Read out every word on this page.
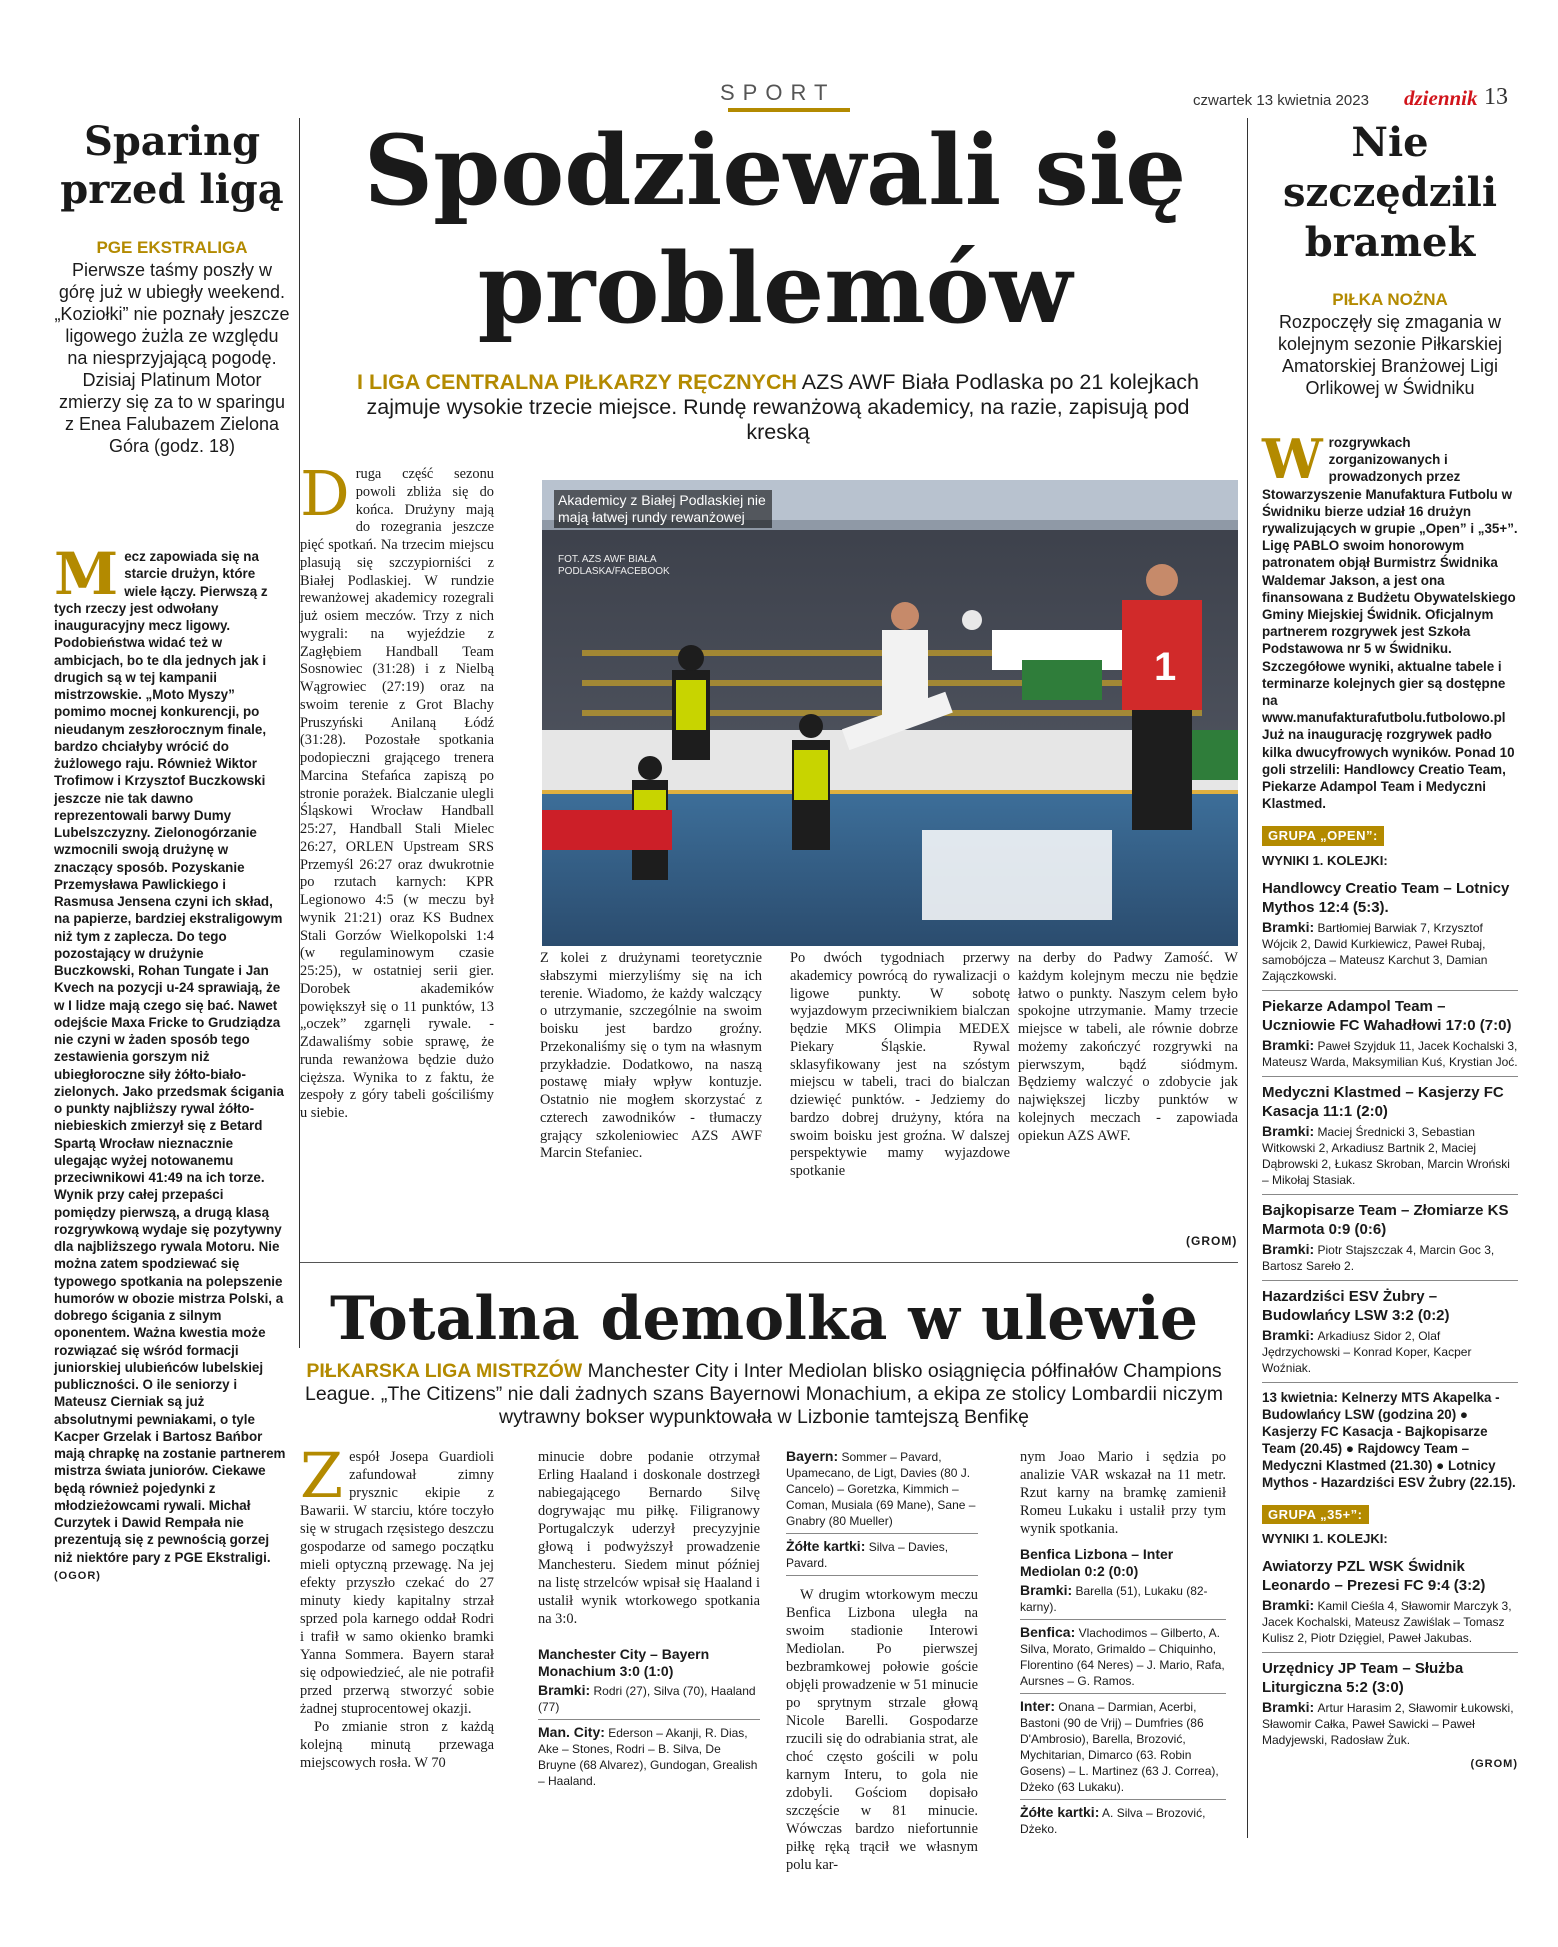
SPORT	czwartek 13 kwietnia 2023 dziennik 13
Sparing przed ligą
PGE EKSTRALIGA
Pierwsze taśmy poszły w górę już w ubiegły weekend. „Koziołki” nie poznały jeszcze ligowego żużla ze względu na niesprzyjającą pogodę. Dzisiaj Platinum Motor zmierzy się za to w sparingu z Enea Falubazem Zielona Góra (godz. 18)
Mecz zapowiada się na starcie drużyn, które wiele łączy. Pierwszą z tych rzeczy jest odwołany inauguracyjny mecz ligowy. Podobieństwa widać też w ambicjach, bo te dla jednych jak i drugich są w tej kampanii mistrzowskie. „Moto Myszy” pomimo mocnej konkurencji, po nieudanym zeszłorocznym finale, bardzo chciałyby wrócić do żużlowego raju. Również Wiktor Trofimow i Krzysztof Buczkowski jeszcze nie tak dawno reprezentowali barwy Dumy Lubelszczyzny. Zielonogórzanie wzmocnili swoją drużynę w znaczący sposób. Pozyskanie Przemysława Pawlickiego i Rasmusa Jensena czyni ich skład, na papierze, bardziej ekstraligowym niż tym z zaplecza. Do tego pozostający w drużynie Buczkowski, Rohan Tungate i Jan Kvech na pozycji u-24 sprawiają, że w I lidze mają czego się bać. Nawet odejście Maxa Fricke to Grudziądza nie czyni w żaden sposób tego zestawienia gorszym niż ubiegłoroczne siły żółto-biało-zielonych. Jako przedsmak ścigania o punkty najbliższy rywal żółto-niebieskich zmierzył się z Betard Spartą Wrocław nieznacznie ulegając wyżej notowanemu przeciwnikowi 41:49 na ich torze. Wynik przy całej przepaści pomiędzy pierwszą, a drugą klasą rozgrywkową wydaje się pozytywny dla najbliższego rywala Motoru. Nie można zatem spodziewać się typowego spotkania na polepszenie humorów w obozie mistrza Polski, a dobrego ścigania z silnym oponentem. Ważna kwestia może rozwiązać się wśród formacji juniorskiej ulubieńców lubelskiej publiczności. O ile seniorzy i Mateusz Cierniak są już absolutnymi pewniakami, o tyle Kacper Grzelak i Bartosz Bańbor mają chrapkę na zostanie partnerem mistrza świata juniorów. Ciekawe będą również pojedynki z młodzieżowcami rywali. Michał Curzytek i Dawid Rempała nie prezentują się z pewnością gorzej niż niektóre pary z PGE Ekstraligi. (OGOR)
Spodziewali się problemów
I LIGA CENTRALNA PIŁKARZY RĘCZNYCH AZS AWF Biała Podlaska po 21 kolejkach zajmuje wysokie trzecie miejsce. Rundę rewanżową akademicy, na razie, zapisują pod kreską
Druga część sezonu powoli zbliża się do końca. Drużyny mają do rozegrania jeszcze pięć spotkań. Na trzecim miejscu plasują się szczypiorniści z Białej Podlaskiej. W rundzie rewanżowej akademicy rozegrali już osiem meczów. Trzy z nich wygrali: na wyjeździe z Zagłębiem Handball Team Sosnowiec (31:28) i z Nielbą Wągrowiec (27:19) oraz na swoim terenie z Grot Blachy Pruszyński Anilaną Łódź (31:28). Pozostałe spotkania podopieczni grającego trenera Marcina Stefańca zapiszą po stronie porażek. Bialczanie ulegli Śląskowi Wrocław Handball 25:27, Handball Stali Mielec 26:27, ORLEN Upstream SRS Przemyśl 26:27 oraz dwukrotnie po rzutach karnych: KPR Legionowo 4:5 (w meczu był wynik 21:21) oraz KS Budnex Stali Gorzów Wielkopolski 1:4 (w regulaminowym czasie 25:25), w ostatniej serii gier. Dorobek akademików powiększył się o 11 punktów, 13 „oczek” zgarnęli rywale. - Zdawaliśmy sobie sprawę, że runda rewanżowa będzie dużo cięższa. Wynika to z faktu, że zespoły z góry tabeli gościliśmy u siebie.
Z kolei z drużynami teoretycznie słabszymi mierzyliśmy się na ich terenie. Wiadomo, że każdy walczący o utrzymanie, szczególnie na swoim boisku jest bardzo groźny. Przekonaliśmy się o tym na własnym przykładzie. Dodatkowo, na naszą postawę miały wpływ kontuzje. Ostatnio nie mogłem skorzystać z czterech zawodników - tłumaczy grający szkoleniowiec AZS AWF Marcin Stefaniec.
Po dwóch tygodniach przerwy akademicy powrócą do rywalizacji o ligowe punkty. W sobotę wyjazdowym przeciwnikiem bialczan będzie MKS Olimpia MEDEX Piekary Śląskie. Rywal sklasyfikowany jest na szóstym miejscu w tabeli, traci do bialczan dziewięć punktów. - Jedziemy do bardzo dobrej drużyny, która na swoim boisku jest groźna. W dalszej perspektywie mamy wyjazdowe spotkanie
na derby do Padwy Zamość. W każdym kolejnym meczu nie będzie łatwo o punkty. Naszym celem było spokojne utrzymanie. Mamy trzecie miejsce w tabeli, ale równie dobrze możemy zakończyć rozgrywki na pierwszym, bądź siódmym. Będziemy walczyć o zdobycie jak największej liczby punktów w kolejnych meczach - zapowiada opiekun AZS AWF.
1
Akademicy z Białej Podlaskiej nie mają łatwej rundy rewanżowej
FOT. AZS AWF BIAŁA PODLASKA/FACEBOOK
(GROM)
Nie szczędzili bramek
PIŁKA NOŻNA
Rozpoczęły się zmagania w kolejnym sezonie Piłkarskiej Amatorskiej Branżowej Ligi Orlikowej w Świdniku
Wrozgrywkach zorganizowanych i prowadzonych przez Stowarzyszenie Manufaktura Futbolu w Świdniku bierze udział 16 drużyn rywalizujących w grupie „Open” i „35+”. Ligę PABLO swoim honorowym patronatem objął Burmistrz Świdnika Waldemar Jakson, a jest ona finansowana z Budżetu Obywatelskiego Gminy Miejskiej Świdnik. Oficjalnym partnerem rozgrywek jest Szkoła Podstawowa nr 5 w Świdniku. Szczegółowe wyniki, aktualne tabele i terminarze kolejnych gier są dostępne na www.manufakturafutbolu.futbolowo.pl
Już na inaugurację rozgrywek padło kilka dwucyfrowych wyników. Ponad 10 goli strzelili: Handlowcy Creatio Team, Piekarze Adampol Team i Medyczni Klastmed.
GRUPA „OPEN”:
WYNIKI 1. KOLEJKI:
Handlowcy Creatio Team – Lotnicy Mythos 12:4 (5:3).
Bramki: Bartłomiej Barwiak 7, Krzysztof Wójcik 2, Dawid Kurkiewicz, Paweł Rubaj, samobójcza – Mateusz Karchut 3, Damian Zajączkowski.
Piekarze Adampol Team – Uczniowie FC Wahadłowi 17:0 (7:0)
Bramki: Paweł Szyjduk 11, Jacek Kochalski 3, Mateusz Warda, Maksymilian Kuś, Krystian Joć.
Medyczni Klastmed – Kasjerzy FC Kasacja 11:1 (2:0)
Bramki: Maciej Średnicki 3, Sebastian Witkowski 2, Arkadiusz Bartnik 2, Maciej Dąbrowski 2, Łukasz Skroban, Marcin Wroński – Mikołaj Stasiak.
Bajkopisarze Team – Złomiarze KS Marmota 0:9 (0:6)
Bramki: Piotr Stajszczak 4, Marcin Goc 3, Bartosz Sareło 2.
Hazardziści ESV Żubry – Budowlańcy LSW 3:2 (0:2)
Bramki: Arkadiusz Sidor 2, Olaf Jędrzychowski – Konrad Koper, Kacper Woźniak.
13 kwietnia: Kelnerzy MTS Akapelka - Budowlańcy LSW (godzina 20) ● Kasjerzy FC Kasacja - Bajkopisarze Team (20.45) ● Rajdowcy Team – Medyczni Klastmed (21.30) ● Lotnicy Mythos - Hazardziści ESV Żubry (22.15).
GRUPA „35+”:
WYNIKI 1. KOLEJKI:
Awiatorzy PZL WSK Świdnik Leonardo – Prezesi FC 9:4 (3:2)
Bramki: Kamil Cieśla 4, Sławomir Marczyk 3, Jacek Kochalski, Mateusz Zawiślak – Tomasz Kulisz 2, Piotr Dzięgiel, Paweł Jakubas.
Urzędnicy JP Team – Służba Liturgiczna 5:2 (3:0)
Bramki: Artur Harasim 2, Sławomir Łukowski, Sławomir Całka, Paweł Sawicki – Paweł Madyjewski, Radosław Żuk.
(GROM)
Totalna demolka w ulewie
PIŁKARSKA LIGA MISTRZÓW Manchester City i Inter Mediolan blisko osiągnięcia półfinałów Champions League. „The Citizens” nie dali żadnych szans Bayernowi Monachium, a ekipa ze stolicy Lombardii niczym wytrawny bokser wypunktowała w Lizbonie tamtejszą Benfikę
Zespół Josepa Guardioli zafundował zimny prysznic ekipie z Bawarii. W starciu, które toczyło się w strugach rzęsistego deszczu gospodarze od samego początku mieli optyczną przewagę. Na jej efekty przyszło czekać do 27 minuty kiedy kapitalny strzał sprzed pola karnego oddał Rodri i trafił w samo okienko bramki Yanna Sommera. Bayern starał się odpowiedzieć, ale nie potrafił przed przerwą stworzyć sobie żadnej stuprocentowej okazji.
Po zmianie stron z każdą kolejną minutą przewaga miejscowych rosła. W 70
minucie dobre podanie otrzymał Erling Haaland i doskonale dostrzegł nabiegającego Bernardo Silvę dogrywając mu piłkę. Filigranowy Portugalczyk uderzył precyzyjnie głową i podwyższył prowadzenie Manchesteru. Siedem minut później na listę strzelców wpisał się Haaland i ustalił wynik wtorkowego spotkania na 3:0.
Manchester City – Bayern Monachium 3:0 (1:0)
Bramki: Rodri (27), Silva (70), Haaland (77)
Man. City: Ederson – Akanji, R. Dias, Ake – Stones, Rodri – B. Silva, De Bruyne (68 Alvarez), Gundogan, Grealish – Haaland.
Bayern: Sommer – Pavard, Upamecano, de Ligt, Davies (80 J. Cancelo) – Goretzka, Kimmich – Coman, Musiala (69 Mane), Sane – Gnabry (80 Mueller)
Żółte kartki: Silva – Davies, Pavard.
W drugim wtorkowym meczu Benfica Lizbona uległa na swoim stadionie Interowi Mediolan. Po pierwszej bezbramkowej połowie goście objęli prowadzenie w 51 minucie po sprytnym strzale głową Nicole Barelli. Gospodarze rzucili się do odrabiania strat, ale choć często gościli w polu karnym Interu, to gola nie zdobyli. Gościom dopisało szczęście w 81 minucie. Wówczas bardzo niefortunnie piłkę ręką trącił we własnym polu kar-
nym Joao Mario i sędzia po analizie VAR wskazał na 11 metr. Rzut karny na bramkę zamienił Romeu Lukaku i ustalił przy tym wynik spotkania.
Benfica Lizbona – Inter Mediolan 0:2 (0:0)
Bramki: Barella (51), Lukaku (82-karny).
Benfica: Vlachodimos – Gilberto, A. Silva, Morato, Grimaldo – Chiquinho, Florentino (64 Neres) – J. Mario, Rafa, Aursnes – G. Ramos.
Inter: Onana – Darmian, Acerbi, Bastoni (90 de Vrij) – Dumfries (86 D'Ambrosio), Barella, Brozović, Mychitarian, Dimarco (63. Robin Gosens) – L. Martinez (63 J. Correa), Dżeko (63 Lukaku).
Żółte kartki: A. Silva – Brozović, Dżeko.
